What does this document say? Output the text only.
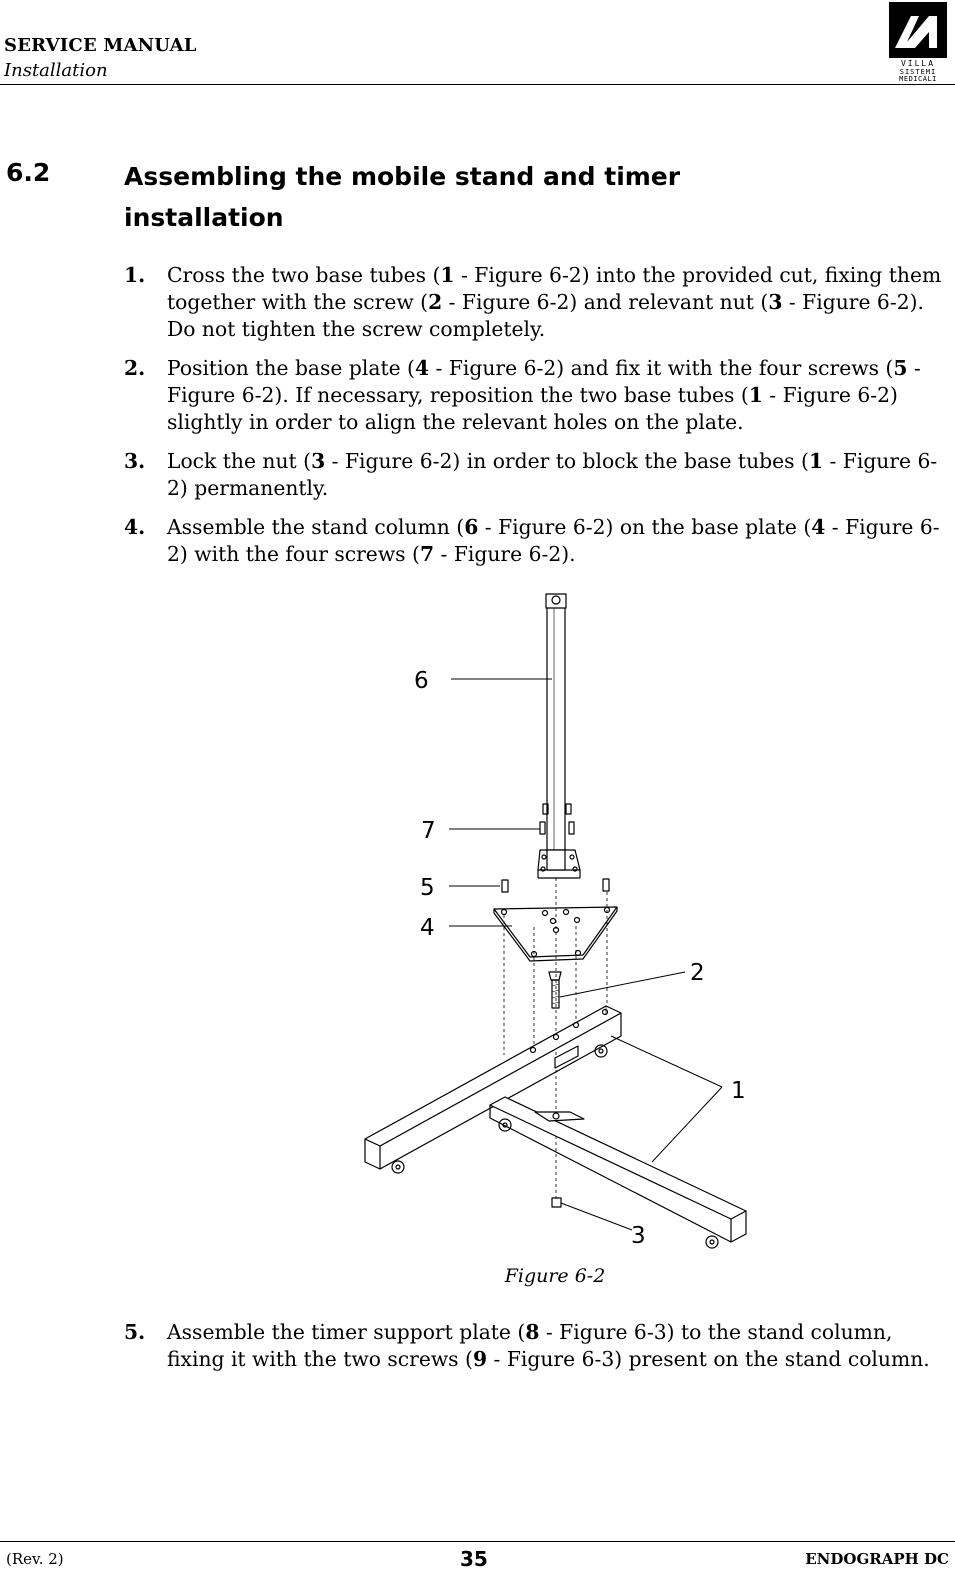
SERVICE MANUAL
Installation	VILLA
SISTEMI
MEDICALI
6.2	Assembling the mobile stand and timer installation
1. Cross the two base tubes (1 - Figure 6-2) into the provided cut, fixing them together with the screw (2 - Figure 6-2) and relevant nut (3 - Figure 6-2). Do not tighten the screw completely.
2. Position the base plate (4 - Figure 6-2) and fix it with the four screws (5 - Figure 6-2). If necessary, reposition the two base tubes (1 - Figure 6-2) slightly in order to align the relevant holes on the plate.
3. Lock the nut (3 - Figure 6-2) in order to block the base tubes (1 - Figure 6-2) permanently.
4. Assemble the stand column (6 - Figure 6-2) on the base plate (4 - Figure 6-2) with the four screws (7 - Figure 6-2).
6
7
5
4
2
1
3
Figure 6-2
5. Assemble the timer support plate (8 - Figure 6-3) to the stand column, fixing it with the two screws (9 - Figure 6-3) present on the stand column.
(Rev. 2)	35	ENDOGRAPH DC
